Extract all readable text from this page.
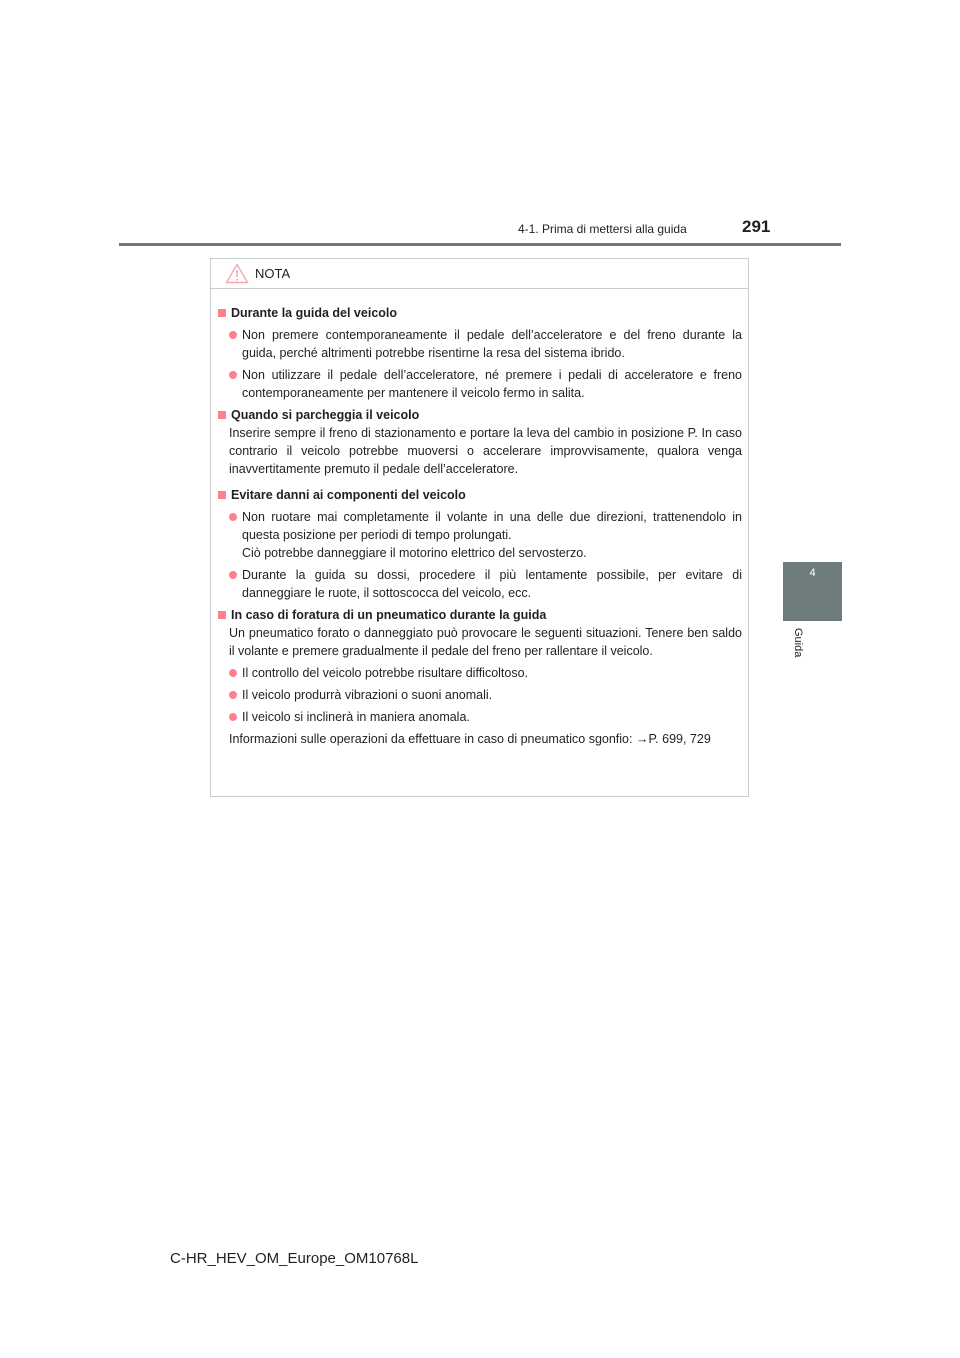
4-1. Prima di mettersi alla guida	291
4
Guida
NOTA
Durante la guida del veicolo
Non premere contemporaneamente il pedale dell’acceleratore e del freno durante la guida, perché altrimenti potrebbe risentirne la resa del sistema ibrido.
Non utilizzare il pedale dell’acceleratore, né premere i pedali di acceleratore e freno contemporaneamente per mantenere il veicolo fermo in salita.
Quando si parcheggia il veicolo
Inserire sempre il freno di stazionamento e portare la leva del cambio in posizione P. In caso contrario il veicolo potrebbe muoversi o accelerare improvvisamente, qualora venga inavvertitamente premuto il pedale dell’acceleratore.
Evitare danni ai componenti del veicolo
Non ruotare mai completamente il volante in una delle due direzioni, trattenendolo in questa posizione per periodi di tempo prolungati.
Ciò potrebbe danneggiare il motorino elettrico del servosterzo.
Durante la guida su dossi, procedere il più lentamente possibile, per evitare di danneggiare le ruote, il sottoscocca del veicolo, ecc.
In caso di foratura di un pneumatico durante la guida
Un pneumatico forato o danneggiato può provocare le seguenti situazioni. Tenere ben saldo il volante e premere gradualmente il pedale del freno per rallentare il veicolo.
Il controllo del veicolo potrebbe risultare difficoltoso.
Il veicolo produrrà vibrazioni o suoni anomali.
Il veicolo si inclinerà in maniera anomala.
Informazioni sulle operazioni da effettuare in caso di pneumatico sgonfio: →P. 699, 729
C-HR_HEV_OM_Europe_OM10768L
